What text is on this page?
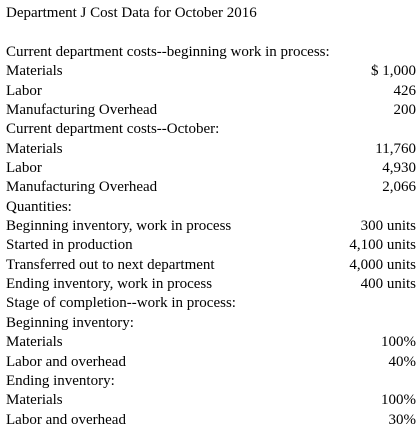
Department J Cost Data for October 2016
Current department costs--beginning work in process:
Materials	$ 1,000
Labor	426
Manufacturing Overhead	200
Current department costs--October:
Materials	11,760
Labor	4,930
Manufacturing Overhead	2,066
Quantities:
Beginning inventory, work in process	300 units
Started in production	4,100 units
Transferred out to next department	4,000 units
Ending inventory, work in process	400 units
Stage of completion--work in process:
Beginning inventory:
Materials	100%
Labor and overhead	40%
Ending inventory:
Materials	100%
Labor and overhead	30%
